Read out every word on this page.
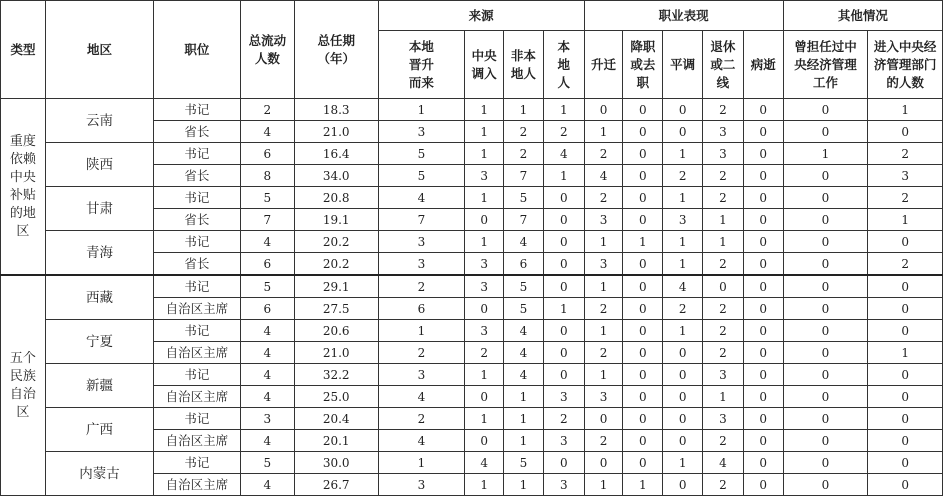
类型	地区	职位	总流动人数	总任期（年）	来源				职业表现					其他情况	
					本地晋升而来	中央调入	非本地人	本地人	升迁	降职或去职	平调	退休或二线	病逝	曾担任过中央经济管理工作	进入中央经济管理部门的人数

重度依赖中央补贴的地区	云南	书记	2	18.3	1	1	1	1	0	0	0	2	0	0	1
		省长	4	21.0	3	1	2	2	1	0	0	3	0	0	0
	陕西	书记	6	16.4	5	1	2	4	2	0	1	3	0	1	2
		省长	8	34.0	5	3	7	1	4	0	2	2	0	0	3
	甘肃	书记	5	20.8	4	1	5	0	2	0	1	2	0	0	2
		省长	7	19.1	7	0	7	0	3	0	3	1	0	0	1
	青海	书记	4	20.2	3	1	4	0	1	1	1	1	0	0	0
		省长	6	20.2	3	3	6	0	3	0	1	2	0	0	2

五个民族自治区	西藏	书记	5	29.1	2	3	5	0	1	0	4	0	0	0	0
		自治区主席	6	27.5	6	0	5	1	2	0	2	2	0	0	0
	宁夏	书记	4	20.6	1	3	4	0	1	0	1	2	0	0	0
		自治区主席	4	21.0	2	2	4	0	2	0	0	2	0	0	1
	新疆	书记	4	32.2	3	1	4	0	1	0	0	3	0	0	0
		自治区主席	4	25.0	4	0	1	3	3	0	0	1	0	0	0
	广西	书记	3	20.4	2	1	1	2	0	0	0	3	0	0	0
		自治区主席	4	20.1	4	0	1	3	2	0	0	2	0	0	0
	内蒙古	书记	5	30.0	1	4	5	0	0	0	1	4	0	0	0
		自治区主席	4	26.7	3	1	1	3	1	1	0	2	0	0	0
